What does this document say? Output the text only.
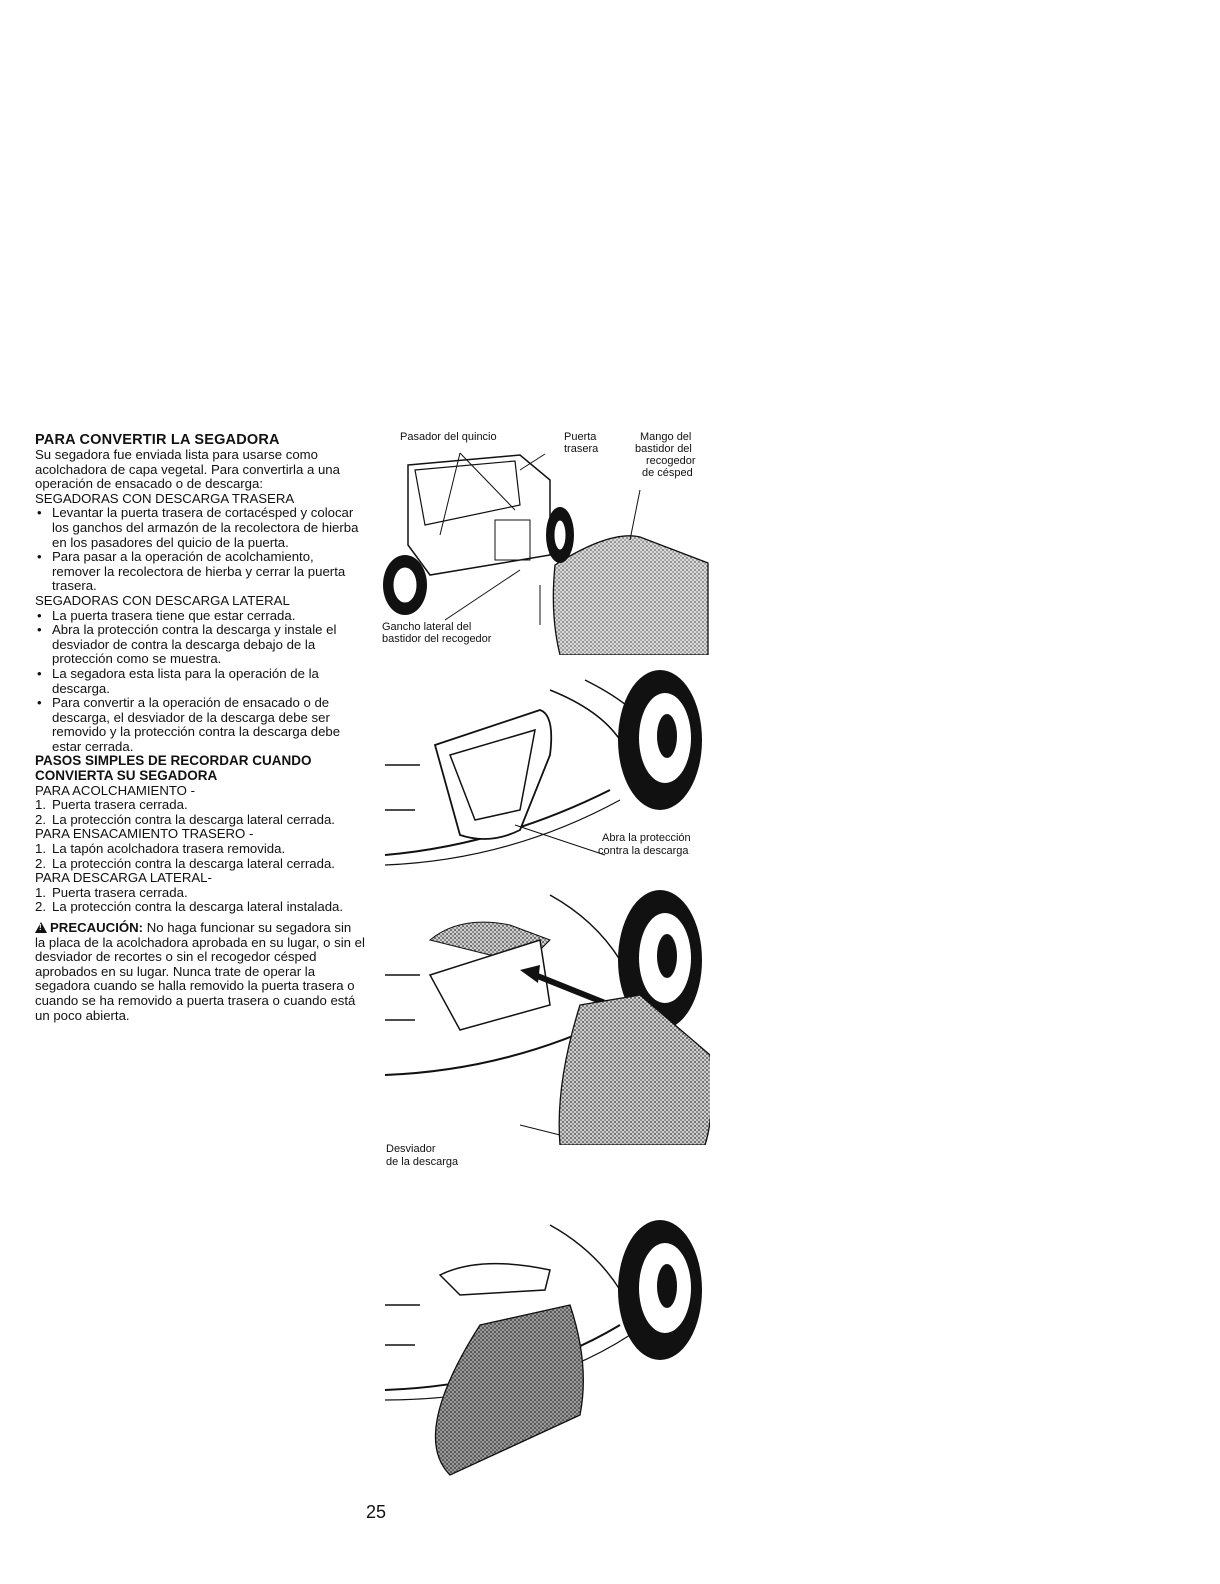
PARA CONVERTIR LA SEGADORA
Su segadora fue enviada lista para usarse como acolchadora de capa vegetal. Para convertirla a una operación de ensacado o de descarga:
SEGADORAS CON DESCARGA TRASERA
• Levantar la puerta trasera de cortacésped y colocar los ganchos del armazón de la recolectora de hierba en los pasadores del quicio de la puerta.
• Para pasar a la operación de acolchamiento, remover la recolectora de hierba y cerrar la puerta trasera.
SEGADORAS CON DESCARGA LATERAL
• La puerta trasera tiene que estar cerrada.
• Abra la protección contra la descarga y instale el desviador de contra la descarga debajo de la protección como se muestra.
• La segadora esta lista para la operación de la descarga.
• Para convertir a la operación de ensacado o de descarga, el desviador de la descarga debe ser removido y la protección contra la descarga debe estar cerrada.
PASOS SIMPLES DE RECORDAR CUANDO CONVIERTA SU SEGADORA
PARA ACOLCHAMIENTO -
1. Puerta trasera cerrada.
2. La protección contra la descarga lateral cerrada.
PARA ENSACAMIENTO TRASERO -
1. La tapón acolchadora trasera removida.
2. La protección contra la descarga lateral cerrada.
PARA DESCARGA LATERAL-
1. Puerta trasera cerrada.
2. La protección contra la descarga lateral instalada.
!PRECAUCIÓN: No haga funcionar su segadora sin la placa de la acolchadora aprobada en su lugar, o sin el desviador de recortes o sin el recogedor césped aprobados en su lugar. Nunca trate de operar la segadora cuando se halla removido la puerta trasera o cuando se ha removido a puerta trasera o cuando está un poco abierta.
Pasador del quincio	Puerta
trasera
Mango del
bastidor del
recogedor
de césped
Gancho lateral del
bastidor del recogedor
Abra la protección
contra la descarga
Desviador
de la descarga
25
